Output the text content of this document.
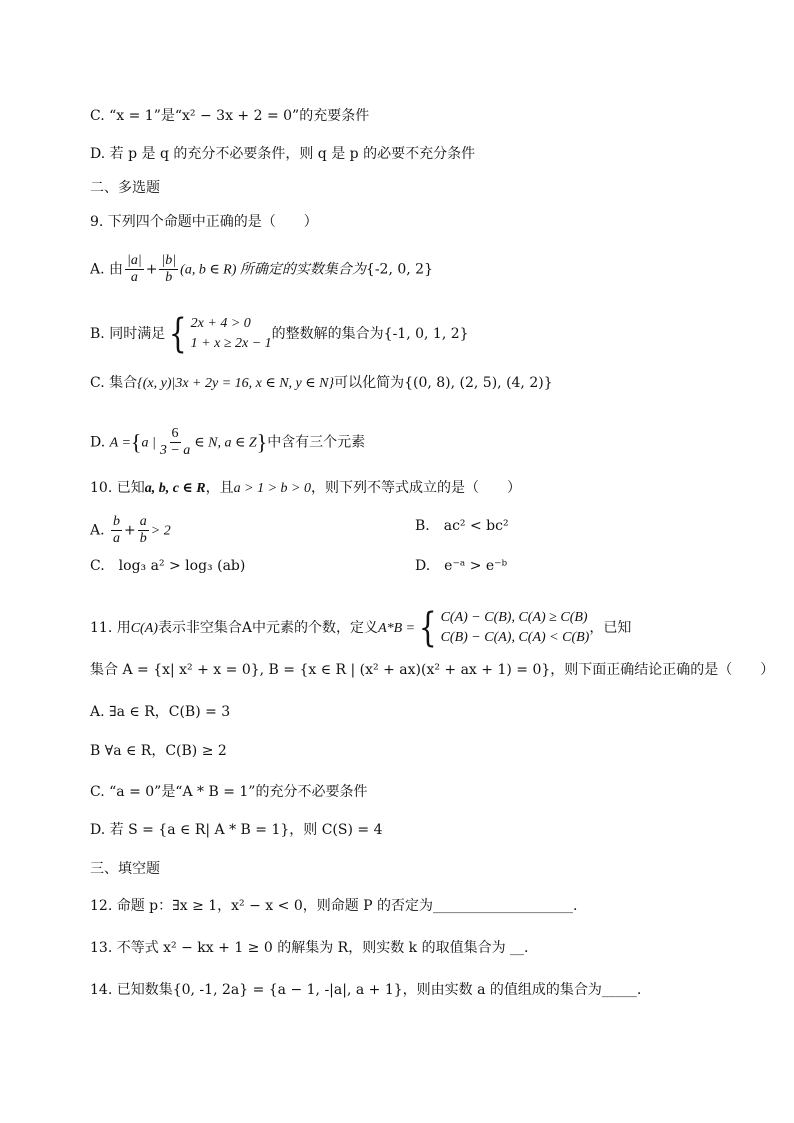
C. “x = 1”是“x² − 3x + 2 = 0”的充要条件
D. 若 p 是 q 的充分不必要条件，则 q 是 p 的必要不充分条件
二、多选题
9. 下列四个命题中正确的是（　　）
A. 由 $\frac{|a|}{a} + \frac{|b|}{b} (a$, b ∈ R) 所确定的实数集合为{-2, 0, 2}
B. 同时满足 { 2x + 4 > 0
1 + x ≥ 2x − 1
的整数解的集合为{-1, 0, 1, 2}
C. 集合{(x, y)|3x + 2y = 16, x ∈ N, y ∈ N}可以化简为{(0, 8), (2, 5), (4, 2)}
D. A ={a | $\frac{6}{3 - a}$ ∈ N, a ∈ Z}中含有三个元素
10. 已知a, b, c ∈ R，且a > 1 > b > 0，则下列不等式成立的是（　　）
A. $\frac{b}{a} + \frac{a}{b} > 2$	B.　ac² < bc²
C.　log₃ a² > log₃ (ab)	D.　e⁻ᵃ > e⁻ᵇ
11. 用C(A)表示非空集合A中元素的个数，定义A*B = { C(A) − C(B), C(A) ≥ C(B)
C(B) − C(A), C(A) < C(B)
，已知
集合 A = {x| x² + x = 0}, B = {x ∈ R | (x² + ax)(x² + ax + 1) = 0}，则下面正确结论正确的是（　　）
A. ∃a ∈ R，C(B) = 3
B ∀a ∈ R，C(B) ≥ 2
C. “a = 0”是“A * B = 1”的充分不必要条件
D. 若 S = {a ∈ R| A * B = 1}，则 C(S) = 4
三、填空题
12. 命题 p：∃x ≥ 1，x² − x < 0，则命题 P 的否定为____________________.
13. 不等式 x² − kx + 1 ≥ 0 的解集为 R，则实数 k 的取值集合为 __.
14. 已知数集{0, -1, 2a} = {a − 1, -|a|, a + 1}，则由实数 a 的值组成的集合为_____.
